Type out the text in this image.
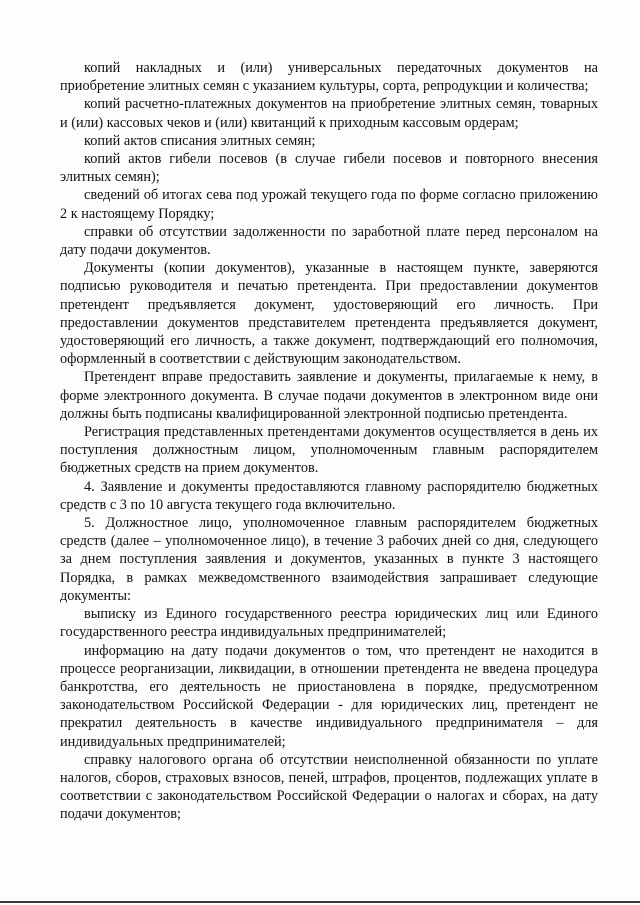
копий накладных и (или) универсальных передаточных документов на приобретение элитных семян с указанием культуры, сорта, репродукции и количества;

копий расчетно-платежных документов на приобретение элитных семян, товарных и (или) кассовых чеков и (или) квитанций к приходным кассовым ордерам;

копий актов списания элитных семян;

копий актов гибели посевов (в случае гибели посевов и повторного внесения элитных семян);

сведений об итогах сева под урожай текущего года по форме согласно приложению 2 к настоящему Порядку;

справки об отсутствии задолженности по заработной плате перед персоналом на дату подачи документов.

Документы (копии документов), указанные в настоящем пункте, заверяются подписью руководителя и печатью претендента. При предоставлении документов претендент предъявляется документ, удостоверяющий его личность. При предоставлении документов представителем претендента предъявляется документ, удостоверяющий его личность, а также документ, подтверждающий его полномочия, оформленный в соответствии с действующим законодательством.

Претендент вправе предоставить заявление и документы, прилагаемые к нему, в форме электронного документа. В случае подачи документов в электронном виде они должны быть подписаны квалифицированной электронной подписью претендента.

Регистрация представленных претендентами документов осуществляется в день их поступления должностным лицом, уполномоченным главным распорядителем бюджетных средств на прием документов.

4. Заявление и документы предоставляются главному распорядителю бюджетных средств с 3 по 10 августа текущего года включительно.

5. Должностное лицо, уполномоченное главным распорядителем бюджетных средств (далее – уполномоченное лицо), в течение 3 рабочих дней со дня, следующего за днем поступления заявления и документов, указанных в пункте 3 настоящего Порядка, в рамках межведомственного взаимодействия запрашивает следующие документы:

выписку из Единого государственного реестра юридических лиц или Единого государственного реестра индивидуальных предпринимателей;

информацию на дату подачи документов о том, что претендент не находится в процессе реорганизации, ликвидации, в отношении претендента не введена процедура банкротства, его деятельность не приостановлена в порядке, предусмотренном законодательством Российской Федерации - для юридических лиц, претендент не прекратил деятельность в качестве индивидуального предпринимателя – для индивидуальных предпринимателей;

справку налогового органа об отсутствии неисполненной обязанности по уплате налогов, сборов, страховых взносов, пеней, штрафов, процентов, подлежащих уплате в соответствии с законодательством Российской Федерации о налогах и сборах, на дату подачи документов;
